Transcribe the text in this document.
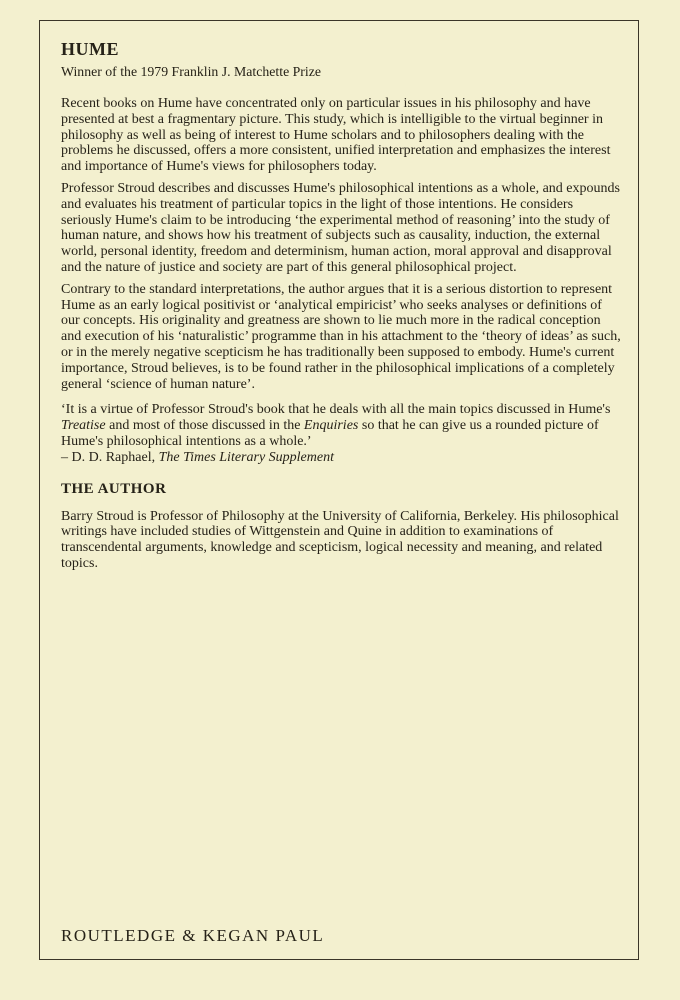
HUME

Winner of the 1979 Franklin J. Matchette Prize

Recent books on Hume have concentrated only on particular issues in his philosophy and have presented at best a fragmentary picture. This study, which is intelligible to the virtual beginner in philosophy as well as being of interest to Hume scholars and to philosophers dealing with the problems he discussed, offers a more consistent, unified interpretation and emphasizes the interest and importance of Hume's views for philosophers today.

Professor Stroud describes and discusses Hume's philosophical intentions as a whole, and expounds and evaluates his treatment of particular topics in the light of those intentions. He considers seriously Hume's claim to be introducing ‘the experimental method of reasoning’ into the study of human nature, and shows how his treatment of subjects such as causality, induction, the external world, personal identity, freedom and determinism, human action, moral approval and disapproval and the nature of justice and society are part of this general philosophical project.

Contrary to the standard interpretations, the author argues that it is a serious distortion to represent Hume as an early logical positivist or ‘analytical empiricist’ who seeks analyses or definitions of our concepts. His originality and greatness are shown to lie much more in the radical conception and execution of his ‘naturalistic’ programme than in his attachment to the ‘theory of ideas’ as such, or in the merely negative scepticism he has traditionally been supposed to embody. Hume's current importance, Stroud believes, is to be found rather in the philosophical implications of a completely general ‘science of human nature’.

‘It is a virtue of Professor Stroud's book that he deals with all the main topics discussed in Hume's Treatise and most of those discussed in the Enquiries so that he can give us a rounded picture of Hume's philosophical intentions as a whole.’

– D. D. Raphael, The Times Literary Supplement

THE AUTHOR

Barry Stroud is Professor of Philosophy at the University of California, Berkeley. His philosophical writings have included studies of Wittgenstein and Quine in addition to examinations of transcendental arguments, knowledge and scepticism, logical necessity and meaning, and related topics.

ROUTLEDGE & KEGAN PAUL
